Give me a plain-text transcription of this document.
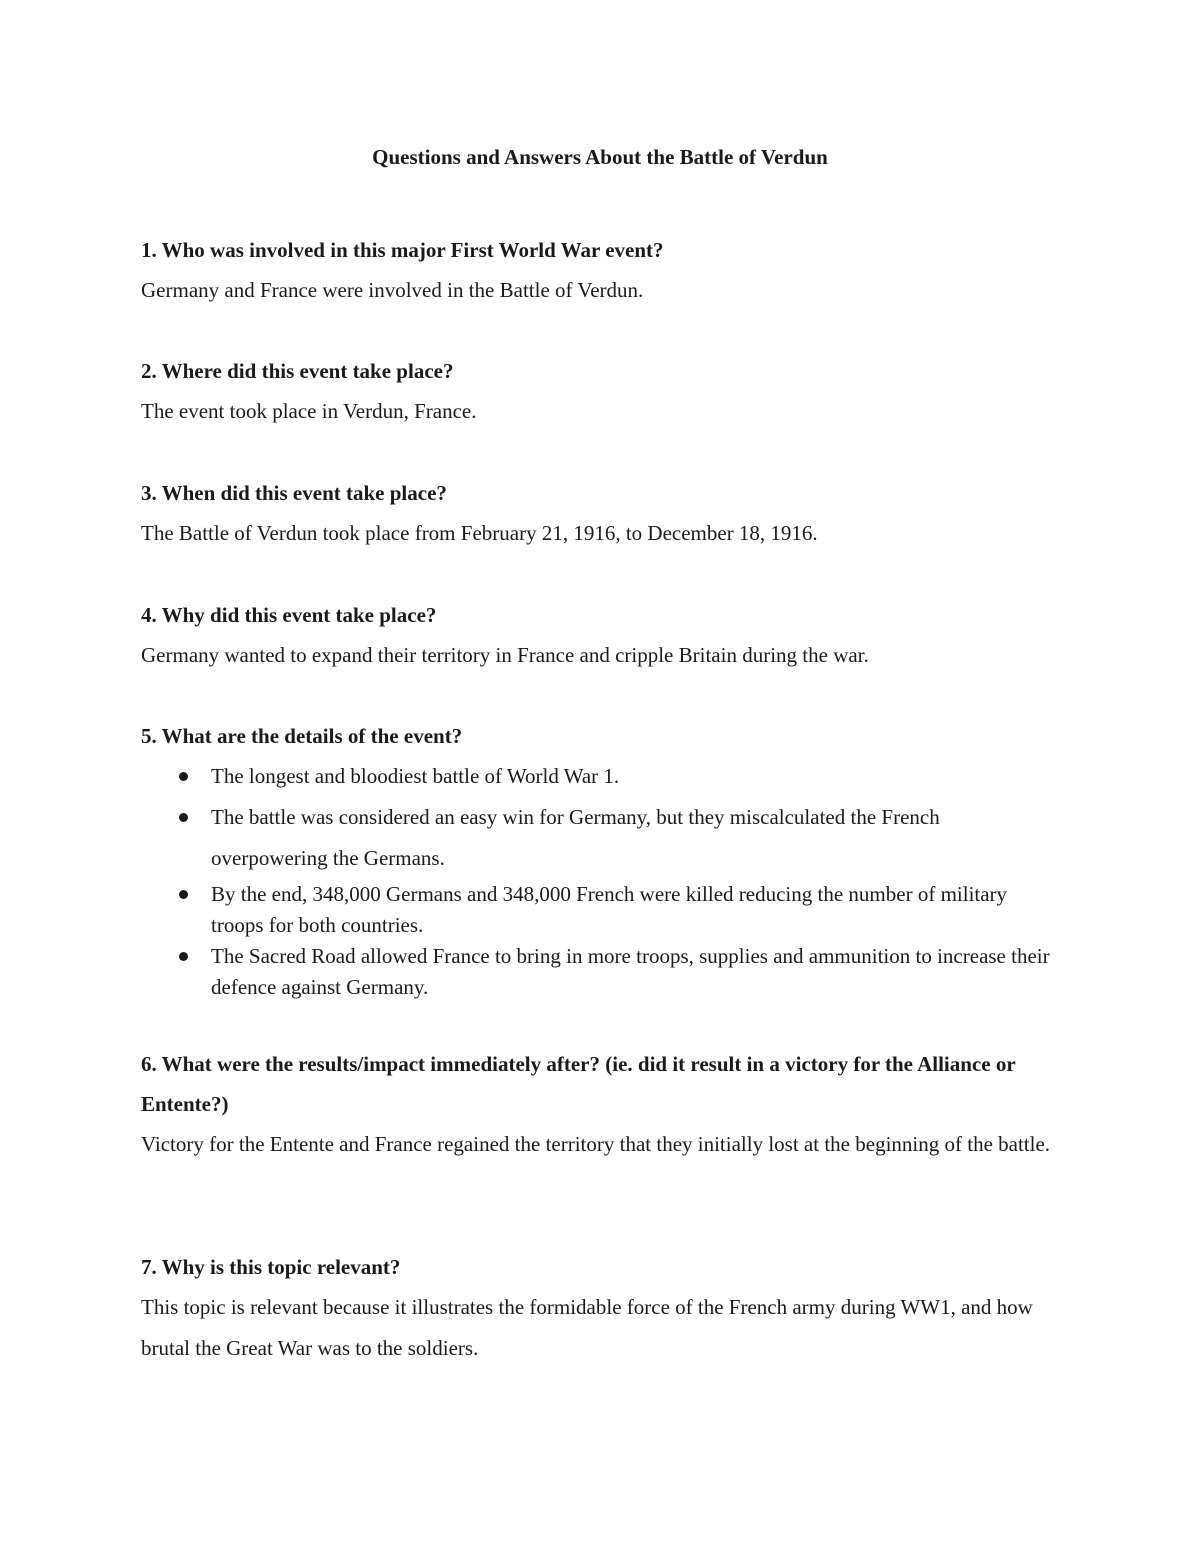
Questions and Answers About the Battle of Verdun

1. Who was involved in this major First World War event?

Germany and France were involved in the Battle of Verdun.

2. Where did this event take place?

The event took place in Verdun, France.

3. When did this event take place?

The Battle of Verdun took place from February 21, 1916, to December 18, 1916.

4. Why did this event take place?

Germany wanted to expand their territory in France and cripple Britain during the war.

5. What are the details of the event?

The longest and bloodiest battle of World War 1.
The battle was considered an easy win for Germany, but they miscalculated the French overpowering the Germans.
By the end, 348,000 Germans and 348,000 French were killed reducing the number of military troops for both countries.
The Sacred Road allowed France to bring in more troops, supplies and ammunition to increase their defence against Germany.

6. What were the results/impact immediately after? (ie. did it result in a victory for the Alliance or Entente?)

Victory for the Entente and France regained the territory that they initially lost at the beginning of the battle.

7. Why is this topic relevant?

This topic is relevant because it illustrates the formidable force of the French army during WW1, and how brutal the Great War was to the soldiers.
